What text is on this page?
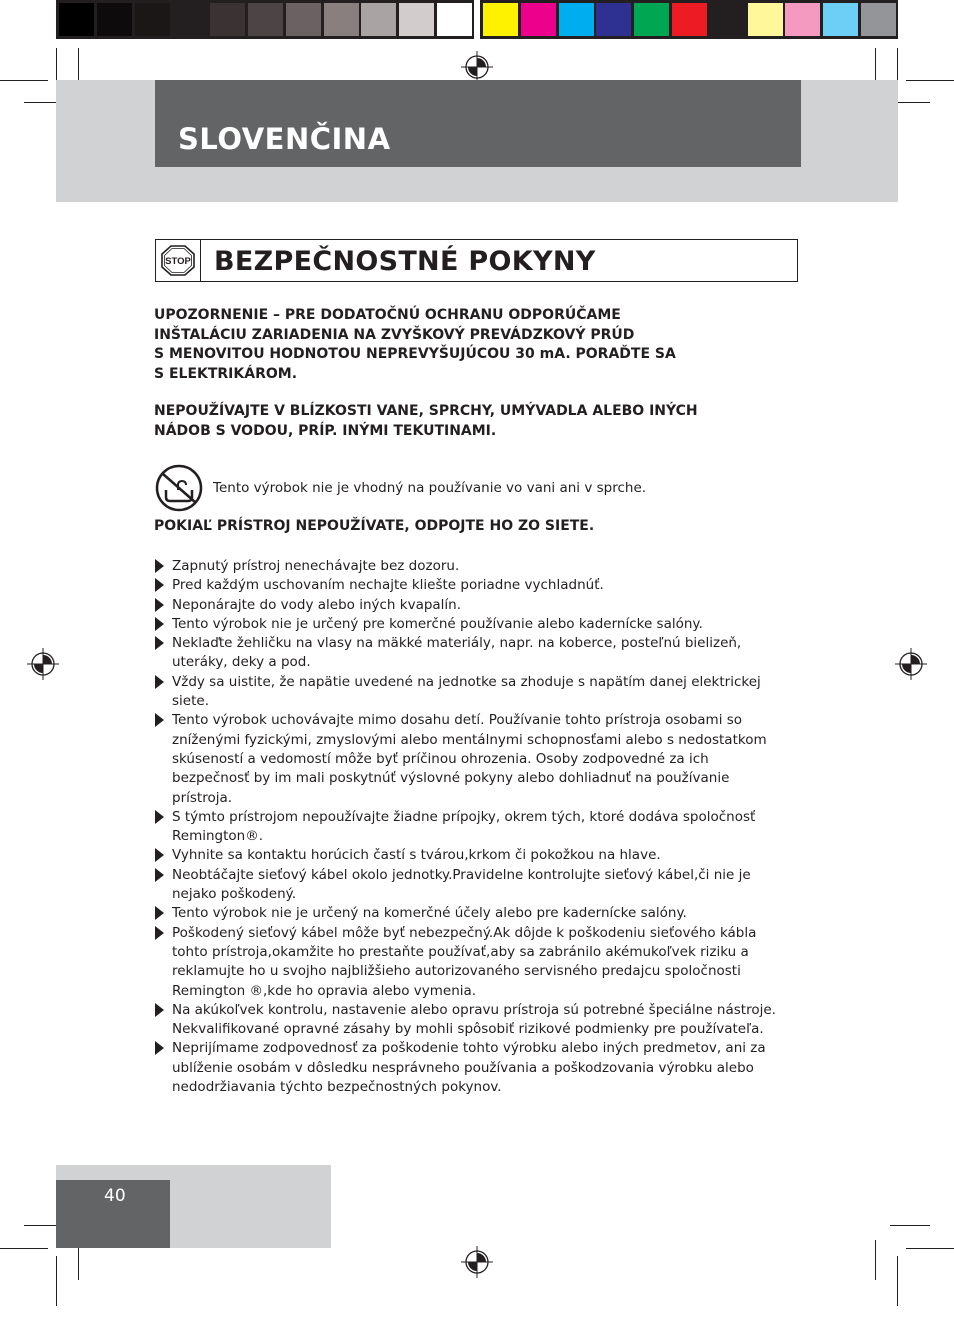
SLOVENČINA
STOP BEZPEČNOSTNÉ POKYNY
UPOZORNENIE – PRE DODATOČNÚ OCHRANU ODPORÚČAME
INŠTALÁCIU ZARIADENIA NA ZVYŠKOVÝ PREVÁDZKOVÝ PRÚD
S MENOVITOU HODNOTOU NEPREVYŠUJÚCOU 30 mA. PORAĎTE SA
S ELEKTRIKÁROM.
NEPOUŽÍVAJTE V BLÍZKOSTI VANE, SPRCHY, UMÝVADLA ALEBO INÝCH
NÁDOB S VODOU, PRÍP. INÝMI TEKUTINAMI.
Tento výrobok nie je vhodný na používanie vo vani ani v sprche.
POKIAĽ PRÍSTROJ NEPOUŽÍVATE, ODPOJTE HO ZO SIETE.
Zapnutý prístroj nenechávajte bez dozoru.
Pred každým uschovaním nechajte kliešte poriadne vychladnúť.
Neponárajte do vody alebo iných kvapalín.
Tento výrobok nie je určený pre komerčné používanie alebo kadernícke salóny.
Neklaďte žehličku na vlasy na mäkké materiály, napr. na koberce, posteľnú bielizeň, uteráky, deky a pod.
Vždy sa uistite, že napätie uvedené na jednotke sa zhoduje s napätím danej elektrickej siete.
Tento výrobok uchovávajte mimo dosahu detí. Používanie tohto prístroja osobami so zníženými fyzickými, zmyslovými alebo mentálnymi schopnosťami alebo s nedostatkom skúseností a vedomostí môže byť príčinou ohrozenia. Osoby zodpovedné za ich bezpečnosť by im mali poskytnúť výslovné pokyny alebo dohliadnuť na používanie prístroja.
S týmto prístrojom nepoužívajte žiadne prípojky, okrem tých, ktoré dodáva spoločnosť Remington®.
Vyhnite sa kontaktu horúcich častí s tvárou,krkom či pokožkou na hlave.
Neobtáčajte sieťový kábel okolo jednotky.Pravidelne kontrolujte sieťový kábel,či nie je nejako poškodený.
Tento výrobok nie je určený na komerčné účely alebo pre kadernícke salóny.
Poškodený sieťový kábel môže byť nebezpečný.Ak dôjde k poškodeniu sieťového kábla tohto prístroja,okamžite ho prestaňte používať,aby sa zabránilo akémukoľvek riziku a reklamujte ho u svojho najbližšieho autorizovaného servisného predajcu spoločnosti Remington ®,kde ho opravia alebo vymenia.
Na akúkoľvek kontrolu, nastavenie alebo opravu prístroja sú potrebné špeciálne nástroje. Nekvalifikované opravné zásahy by mohli spôsobiť rizikové podmienky pre používateľa.
Neprijímame zodpovednosť za poškodenie tohto výrobku alebo iných predmetov, ani za ublíženie osobám v dôsledku nesprávneho používania a poškodzovania výrobku alebo nedodržiavania týchto bezpečnostných pokynov.
40
